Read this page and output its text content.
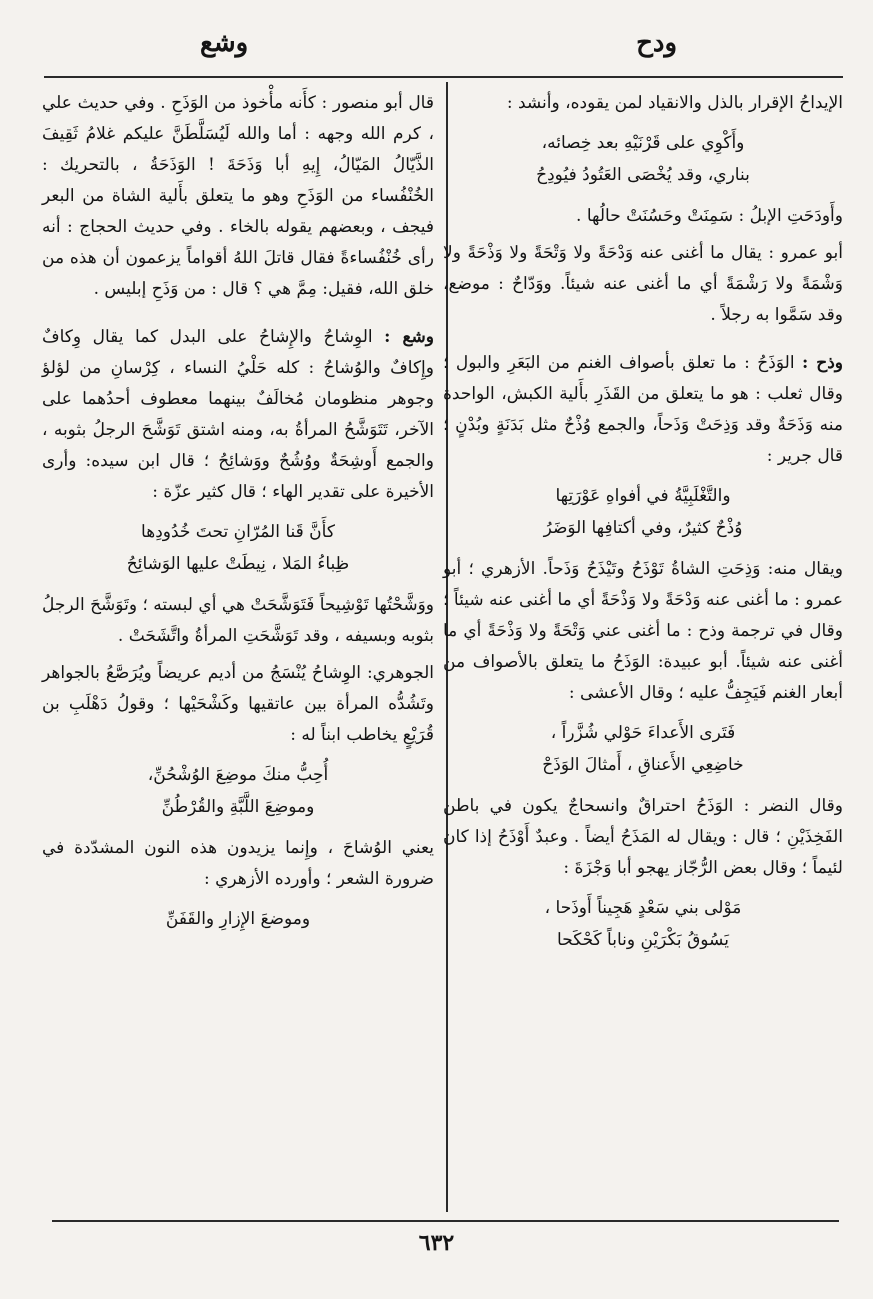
ودح
وشع

الإيداحُ الإقرار بالذل والانقياد لمن يقوده، وأنشد :

وأَكْوِي على قَرْنَيْهِ بعد خِصائه،
بناري، وقد يُخْصَى العَتُودُ فيُودِحُ

وأَودَحَتِ الإبلُ : سَمِنَتْ وحَسُنَتْ حالُها .

أبو عمرو : يقال ما أغنى عنه وَدْحَةً ولا وَتْحَةً ولا وَذْحَةً ولا وَشْمَةً ولا رَشْمَةً أي ما أغنى عنه شيئاً. ووَدّاحٌ : موضع، وقد سَمَّوا به رجلاً .

وذح : الوَذَحُ : ما تعلق بأصواف الغنم من البَعَرِ والبول ؛ وقال ثعلب : هو ما يتعلق من القَذَرِ بأَلية الكبش، الواحدة منه وَذَحَةٌ وقد وَذِحَتْ وَذَحاً، والجمع وُذْحٌ مثل بَدَنَةٍ وبُدْنٍ ؛ قال جرير :

والتَّغْلَبِيَّةُ في أفواهِ عَوْرَتِها
وُذْحٌ كثيرٌ، وفي أكتافِها الوَضَرُ

ويقال منه: وَذِحَتِ الشاةُ تَوْذَحُ وتَيْذَحُ وَذَحاً. الأزهري ؛ أبو عمرو : ما أغنى عنه وَدْحَةً ولا وَذْحَةً أي ما أغنى عنه شيئاً ؛ وقال في ترجمة وذح : ما أغنى عني وَتْحَةً ولا وَذْحَةً أي ما أغنى عنه شيئاً. أبو عبيدة: الوَذَحُ ما يتعلق بالأصواف من أبعار الغنم فَيَجِفُّ عليه ؛ وقال الأعشى :

فَتَرى الأَعداءَ حَوْلي شُزَّراً ،
خاضِعِي الأَعناقِ ، أَمثالَ الوَذَحْ

وقال النضر : الوَذَحُ احتراقٌ وانسحاجٌ يكون في باطن الفَخِذَيْنِ ؛ قال : ويقال له المَذَحُ أيضاً . وعبدٌ أَوْذَحُ إذا كان لئيماً ؛ وقال بعض الرُّجّاز يهجو أبا وَجْزَةَ :

مَوْلى بني سَعْدٍ هَجِيناً أَوذَحا ،
يَسُوقُ بَكْرَيْنِ وناباً كَحْكَحا

قال أبو منصور : كأَنه مأْخوذ من الوَذَحِ . وفي حديث علي ، كرم الله وجهه : أما والله لَيُسَلَّطَنَّ عليكم غلامُ ثَقِيفَ الذَّيّالُ المَيّالُ، إِيهِ أبا وَذَحَةَ ! الوَذَحَةُ ، بالتحريك : الخُنْفُساء من الوَذَحِ وهو ما يتعلق بأَلية الشاة من البعر فيجف ، وبعضهم يقوله بالخاء . وفي حديث الحجاج : أنه رأى خُنْفُساءةً فقال قاتلَ اللهُ أقواماً يزعمون أن هذه من خلق الله، فقيل: مِمَّ هي ؟ قال : من وَذَحِ إبليس .

وشع : الوِشاحُ والإِشاحُ على البدل كما يقال وِكافٌ وإِكافٌ والوُشاحُ : كله حَلْيُ النساء ، كِرْسانِ من لؤلؤ وجوهر منظومان مُخالَفٌ بينهما معطوف أحدُهما على الآخر، تَتَوَشَّحُ المرأةُ به، ومنه اشتق تَوَشَّحَ الرجلُ بثوبه ، والجمع أَوشِحَةٌ ووُشُحٌ ووَشائِحُ ؛ قال ابن سيده: وأرى الأخيرة على تقدير الهاء ؛ قال كثير عزّة :

كأَنَّ قَنا المُرّانِ تحتَ خُدُودِها
ظِباءُ المَلا ، نِيطَتْ عليها الوَشائِحُ

ووَشَّحْتُها تَوْشِيحاً فَتَوَشَّحَتْ هي أي لبسته ؛ وتَوَشَّحَ الرجلُ بثوبه وبسيفه ، وقد تَوَشَّحَتِ المرأةُ واتَّشَحَتْ .

الجوهري: الوِشاحُ يُنْسَجُ من أديم عريضاً ويُرَصَّعُ بالجواهر وتَشُدُّه المرأة بين عاتقيها وكَشْحَيْها ؛ وقولُ دَهْلَبِ بن قُرَيْعٍ يخاطب ابناً له :

أُحِبُّ منكَ موضِعَ الوُشْحُنِّ،
وموضِعَ اللَّبَّةِ والقُرْطُنِّ

يعني الوُشاحَ ، وإِنما يزيدون هذه النون المشدّدة في ضرورة الشعر ؛ وأورده الأزهري :

وموضعَ الإِزارِ والقَفَنِّ
٦٣٢
